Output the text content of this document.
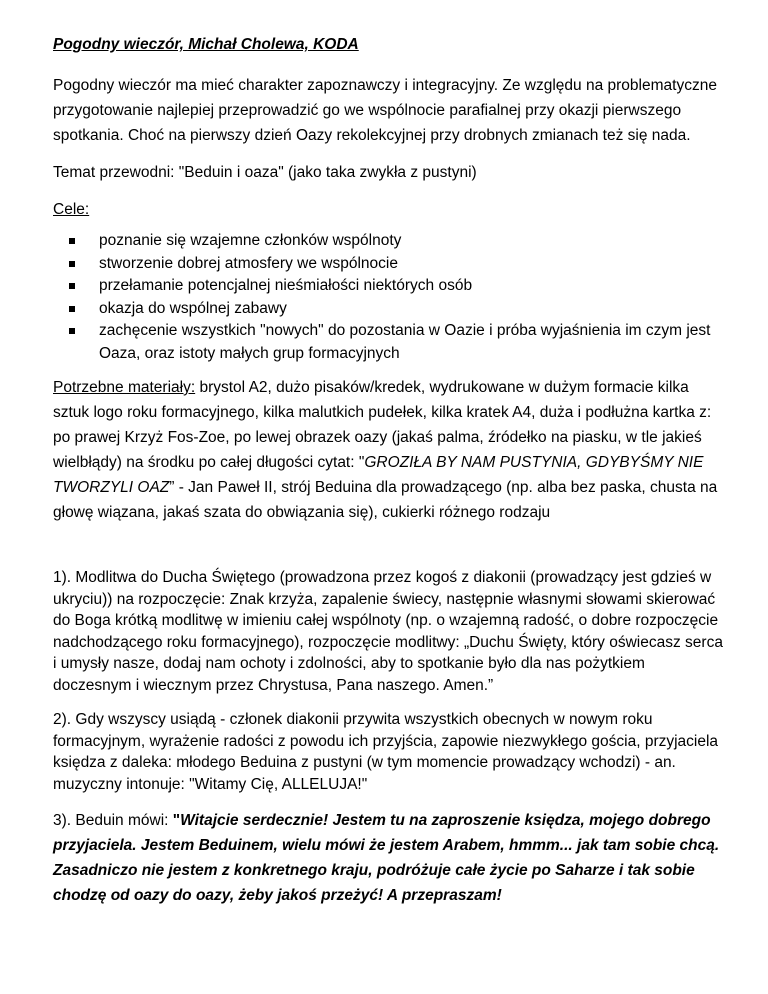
Pogodny wieczór, Michał Cholewa, KODA

Pogodny wieczór ma mieć charakter zapoznawczy i integracyjny. Ze względu na problematyczne przygotowanie najlepiej przeprowadzić go we wspólnocie parafialnej przy okazji pierwszego spotkania. Choć na pierwszy dzień Oazy rekolekcyjnej przy drobnych zmianach też się nada.

Temat przewodni: "Beduin i oaza" (jako taka zwykła z pustyni)

Cele:

poznanie się wzajemne członków wspólnoty
stworzenie dobrej atmosfery we wspólnocie
przełamanie potencjalnej nieśmiałości niektórych osób
okazja do wspólnej zabawy
zachęcenie wszystkich "nowych" do pozostania w Oazie i próba wyjaśnienia im czym jest Oaza, oraz istoty małych grup formacyjnych

Potrzebne materiały: brystol A2, dużo pisaków/kredek, wydrukowane w dużym formacie kilka sztuk logo roku formacyjnego, kilka malutkich pudełek, kilka kratek A4, duża i podłużna kartka z: po prawej Krzyż Fos-Zoe, po lewej obrazek oazy (jakaś palma, źródełko na piasku, w tle jakieś wielbłądy) na środku po całej długości cytat: "GROZIŁA BY NAM PUSTYNIA, GDYBYŚMY NIE TWORZYLI OAZ” - Jan Paweł II, strój Beduina dla prowadzącego (np. alba bez paska, chusta na głowę wiązana, jakaś szata do obwiązania się), cukierki różnego rodzaju

1). Modlitwa do Ducha Świętego (prowadzona przez kogoś z diakonii (prowadzący jest gdzieś w ukryciu)) na rozpoczęcie: Znak krzyża, zapalenie świecy, następnie własnymi słowami skierować do Boga krótką modlitwę w imieniu całej wspólnoty (np. o wzajemną radość, o dobre rozpoczęcie nadchodzącego roku formacyjnego), rozpoczęcie modlitwy: „Duchu Święty, który oświecasz serca i umysły nasze, dodaj nam ochoty i zdolności, aby to spotkanie było dla nas pożytkiem doczesnym i wiecznym przez Chrystusa, Pana naszego. Amen.”

2). Gdy wszyscy usiądą - członek diakonii przywita wszystkich obecnych w nowym roku formacyjnym, wyrażenie radości z powodu ich przyjścia, zapowie niezwykłego gościa, przyjaciela księdza z daleka: młodego Beduina z pustyni (w tym momencie prowadzący wchodzi) - an. muzyczny intonuje: "Witamy Cię, ALLELUJA!"

3). Beduin mówi: "Witajcie serdecznie! Jestem tu na zaproszenie księdza, mojego dobrego przyjaciela. Jestem Beduinem, wielu mówi że jestem Arabem, hmmm... jak tam sobie chcą. Zasadniczo nie jestem z konkretnego kraju, podróżuje całe życie po Saharze i tak sobie chodzę od oazy do oazy, żeby jakoś przeżyć! A przepraszam!
